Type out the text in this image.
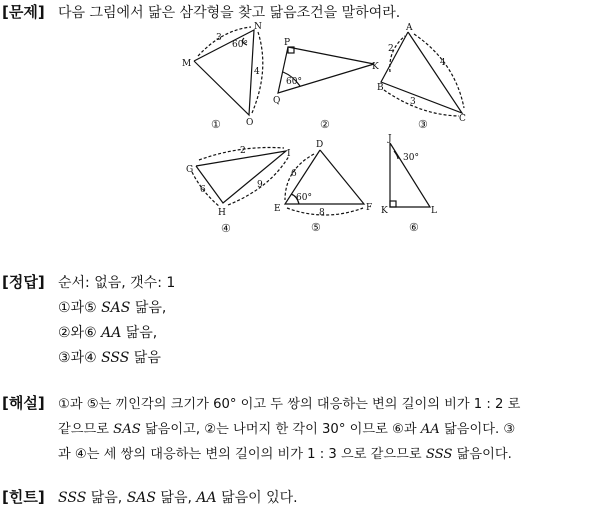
[문제] 다음 그림에서 닮은 삼각형을 찾고 닮음조건을 말하여라.
M
N
O
3
60°
4
①
P
Q
K
60°
②
A
B
C
2
4
3
③
G
H
I
2
6	9
④
D
E	F
6
60°
8
⑤
J
K	L
30°
⑥
[정답] 순서: 없음, 갯수: 1
①과⑤ SAS 닮음,
②와⑥ AA 닮음,
③과④ SSS 닮음
[해설] ①과 ⑤는 끼인각의 크기가 60° 이고 두 쌍의 대응하는 변의 길이의 비가 1 : 2 로
같으므로 SAS 닮음이고, ②는 나머지 한 각이 30° 이므로 ⑥과 AA 닮음이다. ③
과 ④는 세 쌍의 대응하는 변의 길이의 비가 1 : 3 으로 같으므로 SSS 닮음이다.
[힌트] SSS 닮음, SAS 닮음, AA 닮음이 있다.
